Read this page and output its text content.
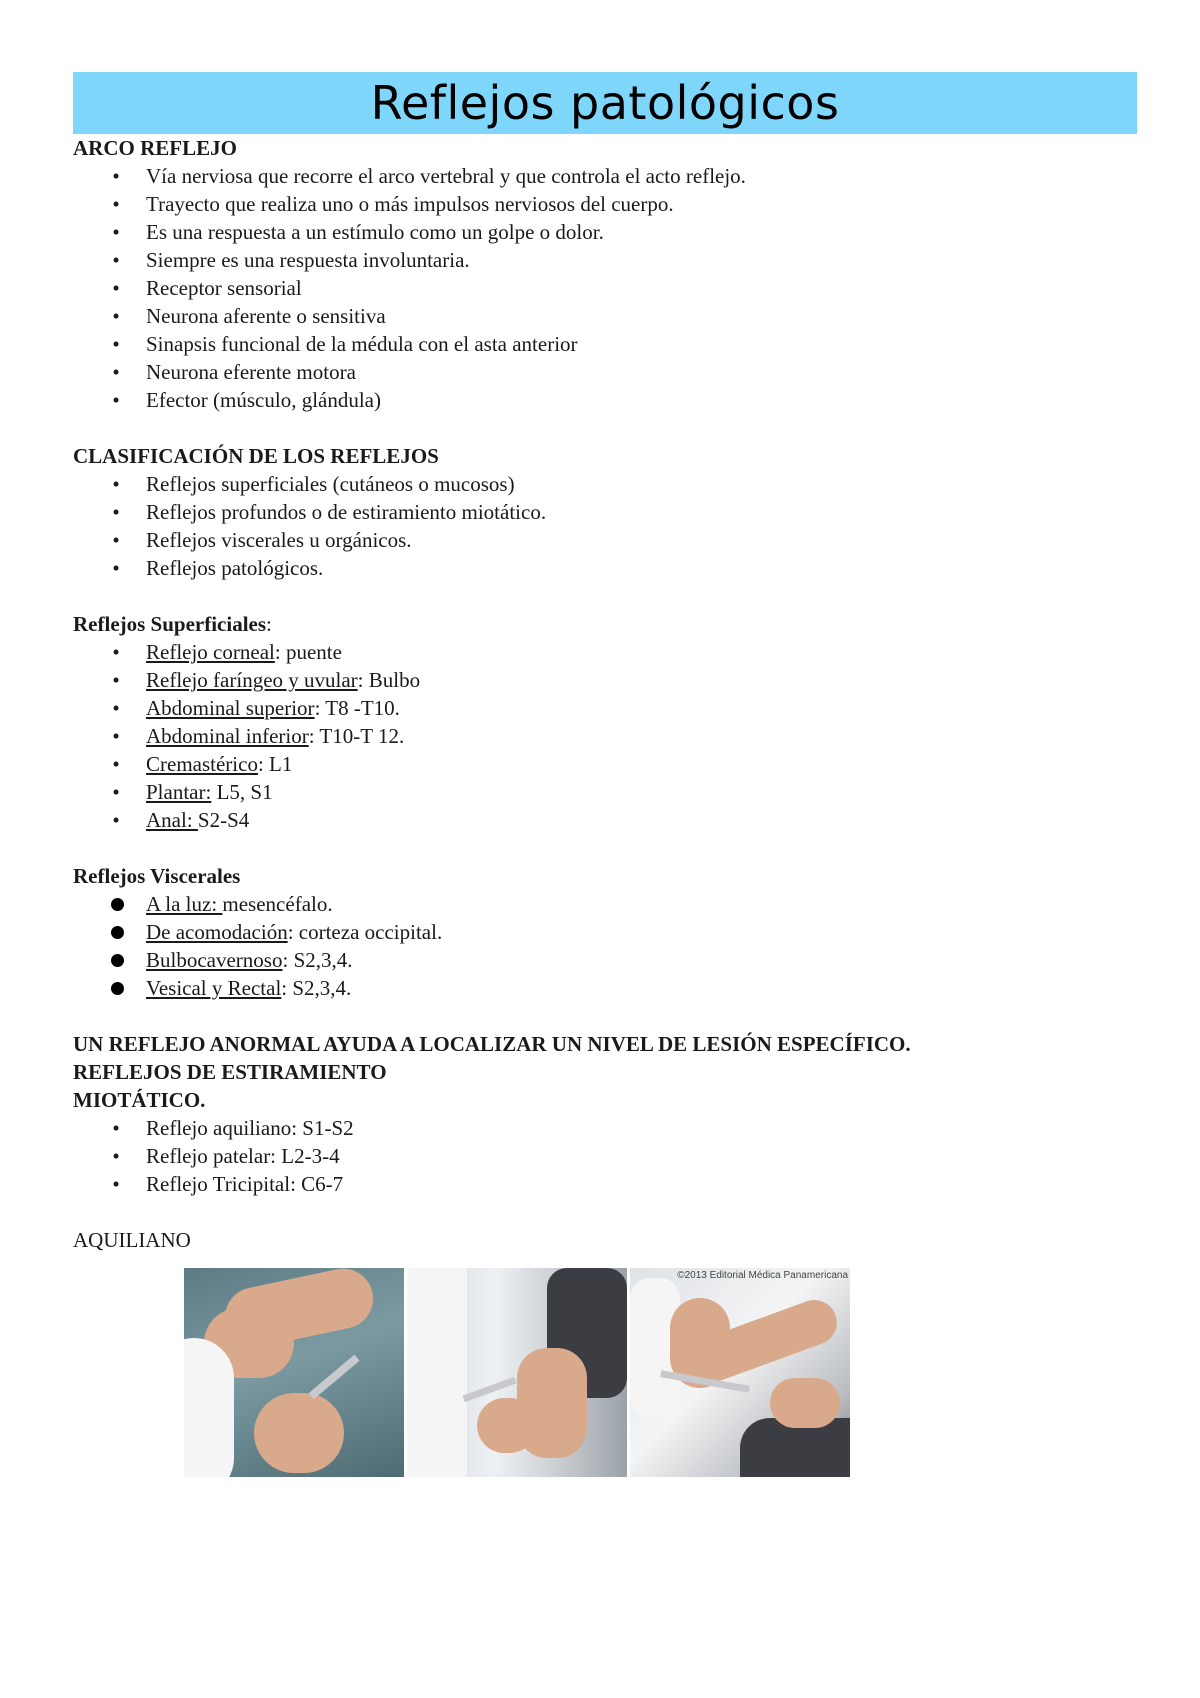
Reflejos patológicos

ARCO REFLEJO

• Vía nerviosa que recorre el arco vertebral y que controla el acto reflejo.
• Trayecto que realiza uno o más impulsos nerviosos del cuerpo.
• Es una respuesta a un estímulo como un golpe o dolor.
• Siempre es una respuesta involuntaria.
• Receptor sensorial
• Neurona aferente o sensitiva
• Sinapsis funcional de la médula con el asta anterior
• Neurona eferente motora
• Efector (músculo, glándula)

CLASIFICACIÓN DE LOS REFLEJOS

• Reflejos superficiales (cutáneos o mucosos)
• Reflejos profundos o de estiramiento miotático.
• Reflejos viscerales u orgánicos.
• Reflejos patológicos.

Reflejos Superficiales:

• Reflejo corneal: puente
• Reflejo faríngeo y uvular: Bulbo
• Abdominal superior: T8 -T10.
• Abdominal inferior: T10-T 12.
• Cremastérico: L1
• Plantar: L5, S1
• Anal: S2-S4

Reflejos Viscerales

A la luz: mesencéfalo.
De acomodación: corteza occipital.
Bulbocavernoso: S2,3,4.
Vesical y Rectal: S2,3,4.

UN REFLEJO ANORMAL AYUDA A LOCALIZAR UN NIVEL DE LESIÓN ESPECÍFICO.

REFLEJOS DE ESTIRAMIENTO

MIOTÁTICO.

• Reflejo aquiliano: S1-S2
• Reflejo patelar: L2-3-4
• Reflejo Tricipital: C6-7

AQUILIANO

©2013 Editorial Médica Panamericana
